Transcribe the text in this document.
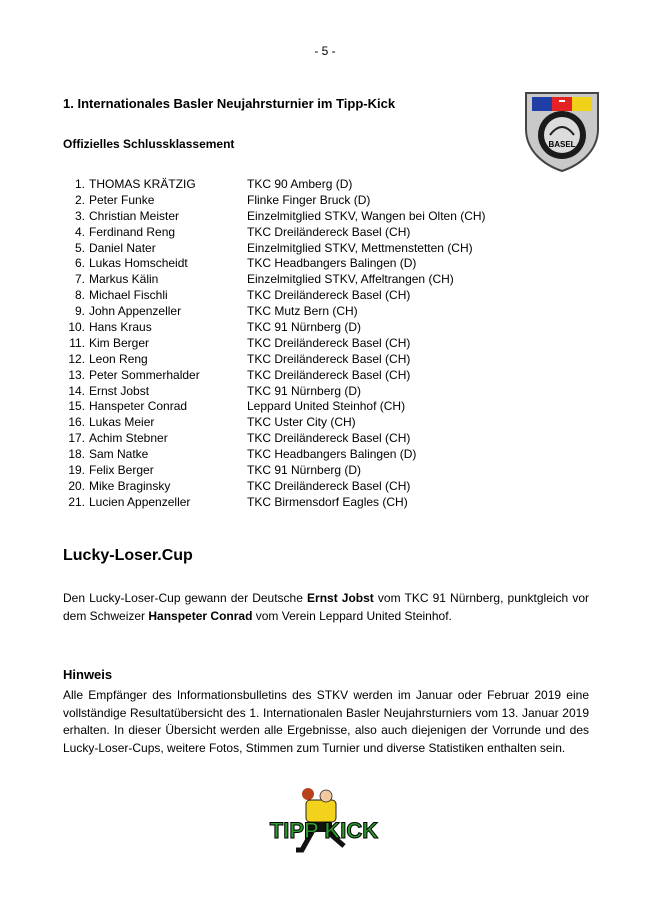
- 5 -
1. Internationales Basler Neujahrsturnier im Tipp-Kick
BASEL
Offizielles Schlussklassement
1. THOMAS KRÄTZIG	TKC 90 Amberg (D)
2. Peter Funke	Flinke Finger Bruck (D)
3. Christian Meister	Einzelmitglied STKV, Wangen bei Olten (CH)
4. Ferdinand Reng	TKC Dreiländereck Basel (CH)
5. Daniel Nater	Einzelmitglied STKV, Mettmenstetten (CH)
6. Lukas Homscheidt	TKC Headbangers Balingen (D)
7. Markus Kälin	Einzelmitglied STKV, Affeltrangen (CH)
8. Michael Fischli	TKC Dreiländereck Basel (CH)
9. John Appenzeller	TKC Mutz Bern (CH)
10. Hans Kraus	TKC 91 Nürnberg (D)
11. Kim Berger	TKC Dreiländereck Basel (CH)
12. Leon Reng	TKC Dreiländereck Basel (CH)
13. Peter Sommerhalder	TKC Dreiländereck Basel (CH)
14. Ernst Jobst	TKC 91 Nürnberg (D)
15. Hanspeter Conrad	Leppard United Steinhof (CH)
16. Lukas Meier	TKC Uster City (CH)
17. Achim Stebner	TKC Dreiländereck Basel (CH)
18. Sam Natke	TKC Headbangers Balingen (D)
19. Felix Berger	TKC 91 Nürnberg (D)
20. Mike Braginsky	TKC Dreiländereck Basel (CH)
21. Lucien Appenzeller	TKC Birmensdorf Eagles (CH)
Lucky-Loser.Cup

Den Lucky-Loser-Cup gewann der Deutsche Ernst Jobst vom TKC 91 Nürnberg, punktgleich vor dem Schweizer Hanspeter Conrad vom Verein Leppard United Steinhof.

Hinweis

Alle Empfänger des Informationsbulletins des STKV werden im Januar oder Februar 2019 eine vollständige Resultatübersicht des 1. Internationalen Basler Neujahrsturniers vom 13. Januar 2019 erhalten. In dieser Übersicht werden alle Ergebnisse, also auch diejenigen der Vorrunde und des Lucky-Loser-Cups, weitere Fotos, Stimmen zum Turnier und diverse Statistiken enthalten sein.

TIPP KICK
